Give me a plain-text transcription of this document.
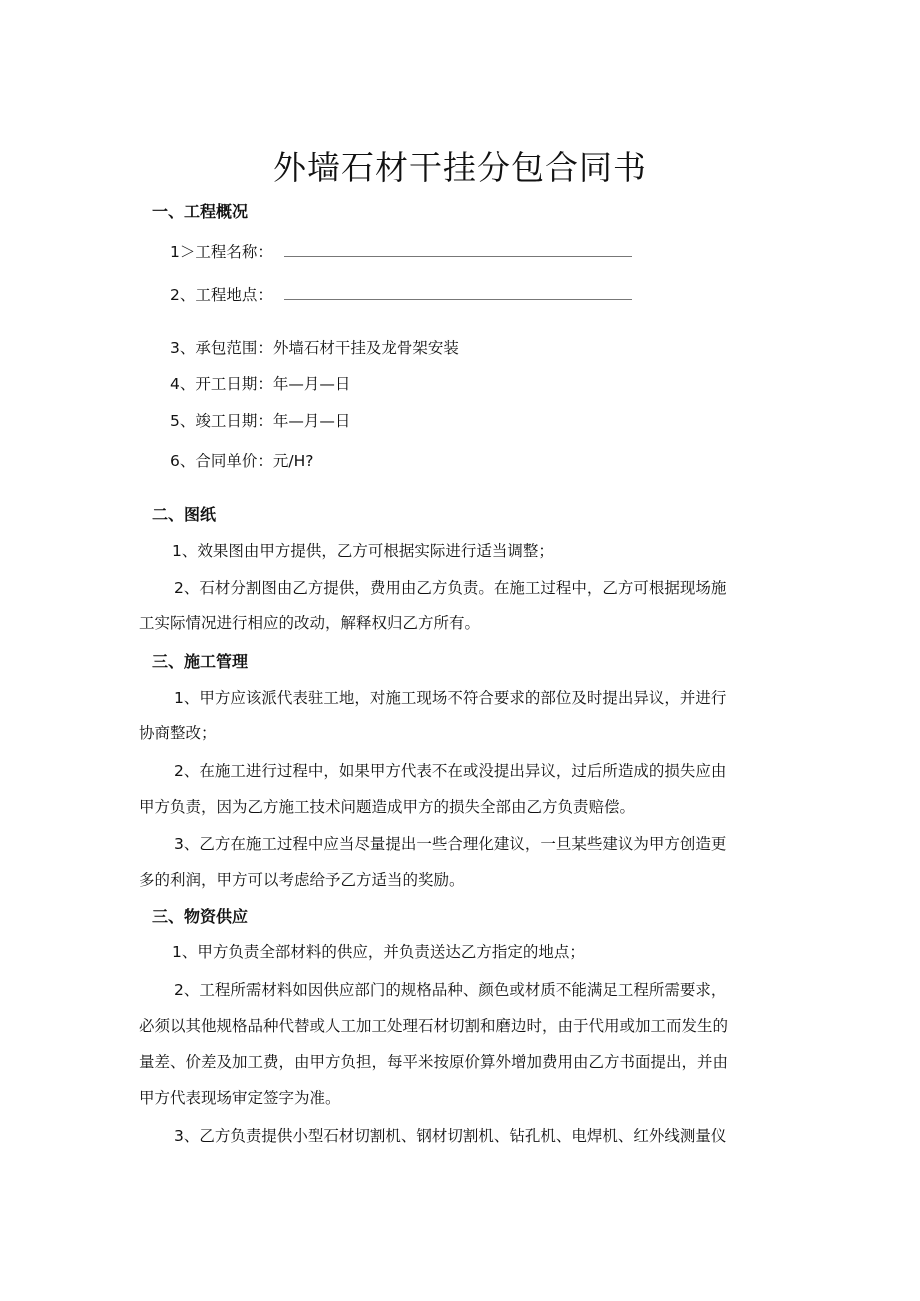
外墙石材干挂分包合同书

一、工程概况

1＞工程名称：

2、工程地点：

3、承包范围：外墙石材干挂及龙骨架安装

4、开工日期：年—月—日

5、竣工日期：年—月—日

6、合同单价：元/H?

二、图纸

1、效果图由甲方提供，乙方可根据实际进行适当调整；

2、石材分割图由乙方提供，费用由乙方负责。在施工过程中，乙方可根据现场施

工实际情况进行相应的改动，解释权归乙方所有。

三、施工管理

1、甲方应该派代表驻工地，对施工现场不符合要求的部位及时提出异议，并进行

协商整改；

2、在施工进行过程中，如果甲方代表不在或没提出异议，过后所造成的损失应由

甲方负责，因为乙方施工技术问题造成甲方的损失全部由乙方负责赔偿。

3、乙方在施工过程中应当尽量提出一些合理化建议，一旦某些建议为甲方创造更

多的利润，甲方可以考虑给予乙方适当的奖励。

三、物资供应

1、甲方负责全部材料的供应，并负责送达乙方指定的地点；

2、工程所需材料如因供应部门的规格品种、颜色或材质不能满足工程所需要求，

必须以其他规格品种代替或人工加工处理石材切割和磨边时，由于代用或加工而发生的

量差、价差及加工费，由甲方负担，每平米按原价算外增加费用由乙方书面提出，并由

甲方代表现场审定签字为准。

3、乙方负责提供小型石材切割机、钢材切割机、钻孔机、电焊机、红外线测量仪
